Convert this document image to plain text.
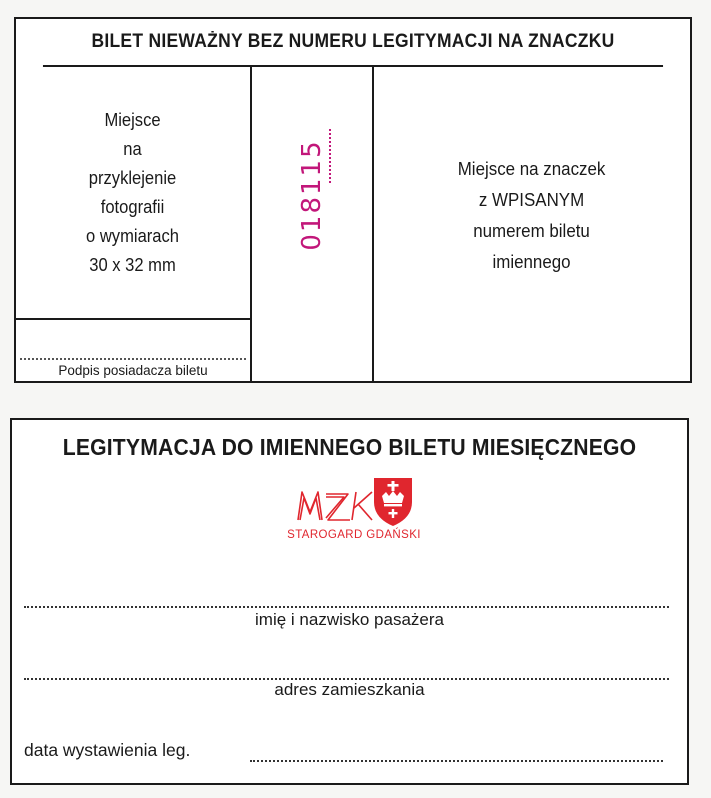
BILET NIEWAŻNY BEZ NUMERU LEGITYMACJI NA ZNACZKU
Miejsce
na
przyklejenie
fotografii
o wymiarach
30 x 32 mm
Podpis posiadacza biletu
018115	Miejsce na znaczek
z WPISANYM
numerem biletu
imiennego
LEGITYMACJA DO IMIENNEGO BILETU MIESIĘCZNEGO
STAROGARD GDAŃSKI
imię i nazwisko pasażera
adres zamieszkania
data wystawienia leg.
